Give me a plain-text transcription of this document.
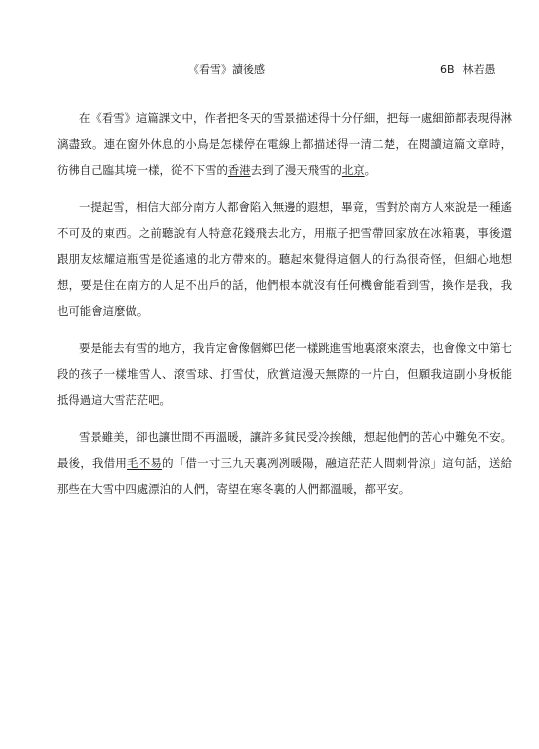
《看雪》讀後感	6B 林若愚

在《看雪》這篇課文中，作者把冬天的雪景描述得十分仔細，把每一處細節都表現得淋漓盡致。連在窗外休息的小鳥是怎樣停在電線上都描述得一清二楚，在閱讀這篇文章時，彷彿自己臨其境一樣，從不下雪的香港去到了漫天飛雪的北京。

一提起雪，相信大部分南方人都會陷入無邊的遐想，畢竟，雪對於南方人來說是一種遙不可及的東西。之前聽說有人特意花錢飛去北方，用瓶子把雪帶回家放在冰箱裏，事後還跟朋友炫耀這瓶雪是從遙遠的北方帶來的。聽起來覺得這個人的行為很奇怪，但細心地想想，要是住在南方的人足不出戶的話，他們根本就沒有任何機會能看到雪，換作是我，我也可能會這麼做。

要是能去有雪的地方，我肯定會像個鄉巴佬一樣跳進雪地裏滾來滾去，也會像文中第七段的孩子一樣堆雪人、滾雪球、打雪仗，欣賞這漫天無際的一片白，但願我這副小身板能抵得過這大雪茫茫吧。

雪景雖美，卻也讓世間不再溫暖，讓許多貧民受冷挨餓，想起他們的苦心中難免不安。最後，我借用毛不易的「借一寸三九天裏冽冽暖陽，融這茫茫人間刺骨涼」這句話，送給那些在大雪中四處漂泊的人們，寄望在寒冬裏的人們都溫暖，都平安。
